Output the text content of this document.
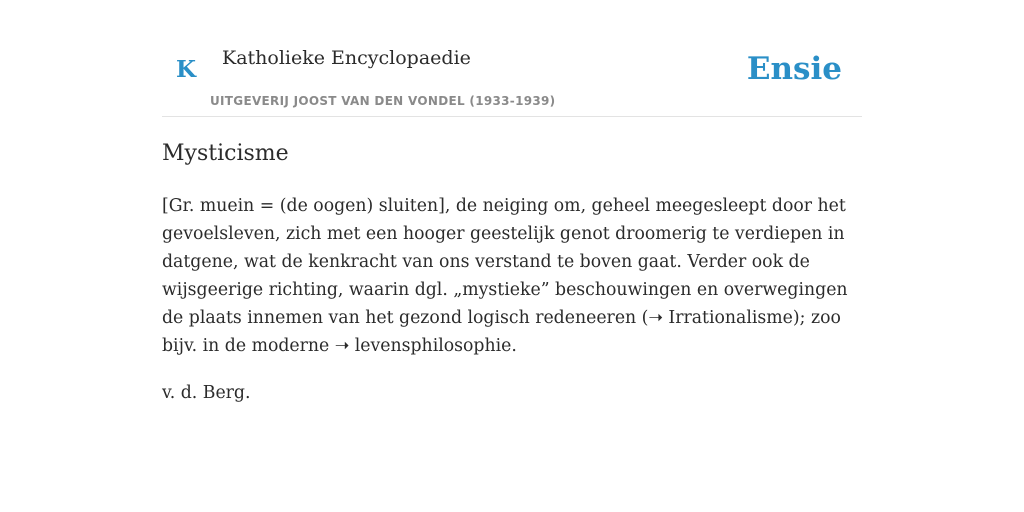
K Katholieke Encyclopaedie
UITGEVERIJ JOOST VAN DEN VONDEL (1933-1939)
Ensie
Mysticisme

[Gr. muein = (de oogen) sluiten], de neiging om, geheel meegesleept door het gevoelsleven, zich met een hooger geestelijk genot droomerig te verdiepen in datgene, wat de kenkracht van ons verstand te boven gaat. Verder ook de wijsgeerige richting, waarin dgl. „mystieke” beschouwingen en overwegingen de plaats innemen van het gezond logisch redeneeren (➝ Irrationalisme); zoo bijv. in de moderne ➝ levensphilosophie.

v. d. Berg.
